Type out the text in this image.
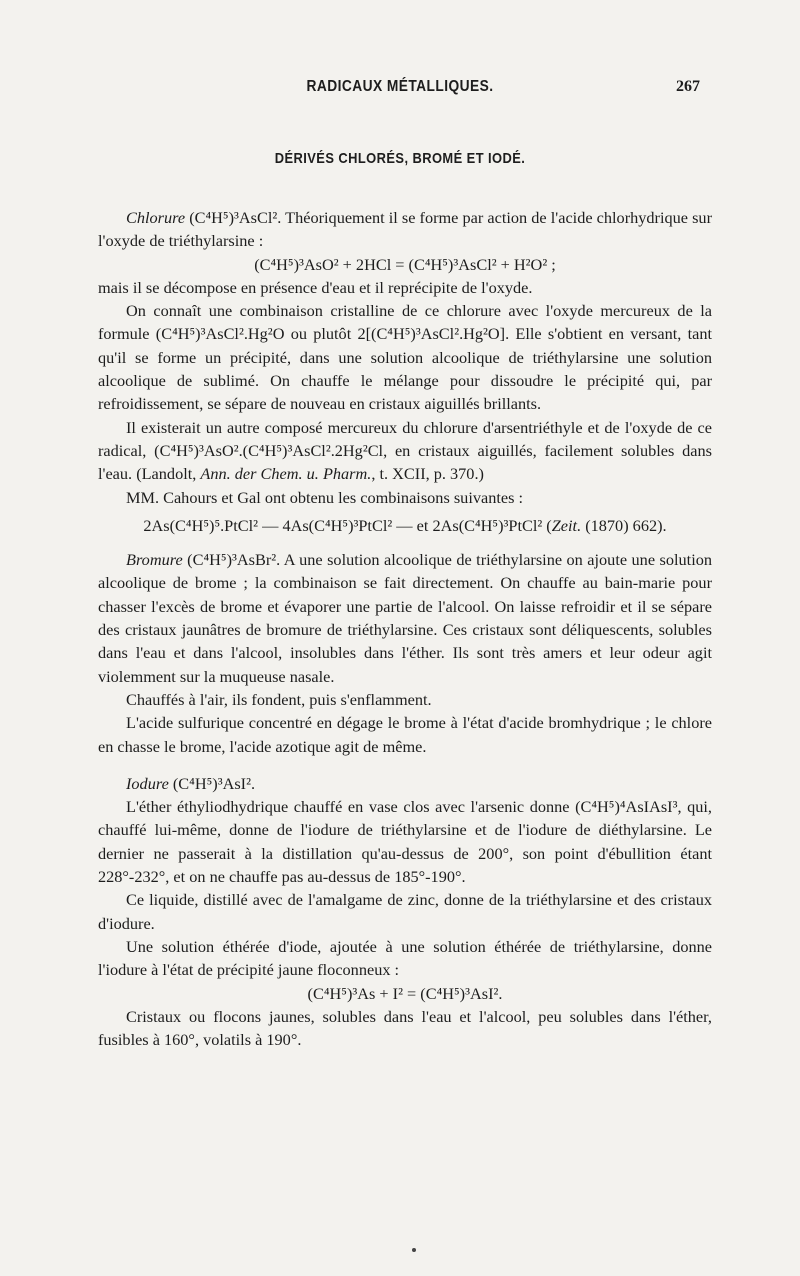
RADICAUX MÉTALLIQUES.	267
DÉRIVÉS CHLORÉS, BROMÉ ET IODÉ.

Chlorure (C⁴H⁵)³AsCl². Théoriquement il se forme par action de l'acide chlorhydrique sur l'oxyde de triéthylarsine :

(C⁴H⁵)³AsO² + 2HCl = (C⁴H⁵)³AsCl² + H²O² ;

mais il se décompose en présence d'eau et il reprécipite de l'oxyde.

On connaît une combinaison cristalline de ce chlorure avec l'oxyde mercureux de la formule (C⁴H⁵)³AsCl².Hg²O ou plutôt 2[(C⁴H⁵)³AsCl².Hg²O]. Elle s'obtient en versant, tant qu'il se forme un précipité, dans une solution alcoolique de triéthylarsine une solution alcoolique de sublimé. On chauffe le mélange pour dissoudre le précipité qui, par refroidissement, se sépare de nouveau en cristaux aiguillés brillants.

Il existerait un autre composé mercureux du chlorure d'arsentriéthyle et de l'oxyde de ce radical, (C⁴H⁵)³AsO².(C⁴H⁵)³AsCl².2Hg²Cl, en cristaux aiguillés, facilement solubles dans l'eau. (Landolt, Ann. der Chem. u. Pharm., t. XCII, p. 370.)

MM. Cahours et Gal ont obtenu les combinaisons suivantes :

2As(C⁴H⁵)⁵.PtCl² — 4As(C⁴H⁵)³PtCl² — et 2As(C⁴H⁵)³PtCl² (Zeit. (1870) 662).

Bromure (C⁴H⁵)³AsBr². A une solution alcoolique de triéthylarsine on ajoute une solution alcoolique de brome ; la combinaison se fait directement. On chauffe au bain-marie pour chasser l'excès de brome et évaporer une partie de l'alcool. On laisse refroidir et il se sépare des cristaux jaunâtres de bromure de triéthylarsine. Ces cristaux sont déliquescents, solubles dans l'eau et dans l'alcool, insolubles dans l'éther. Ils sont très amers et leur odeur agit violemment sur la muqueuse nasale.

Chauffés à l'air, ils fondent, puis s'enflamment.

L'acide sulfurique concentré en dégage le brome à l'état d'acide bromhydrique ; le chlore en chasse le brome, l'acide azotique agit de même.

Iodure (C⁴H⁵)³AsI².

L'éther éthyliodhydrique chauffé en vase clos avec l'arsenic donne (C⁴H⁵)⁴AsIAsI³, qui, chauffé lui-même, donne de l'iodure de triéthylarsine et de l'iodure de diéthylarsine. Le dernier ne passerait à la distillation qu'au-dessus de 200°, son point d'ébullition étant 228°-232°, et on ne chauffe pas au-dessus de 185°-190°.

Ce liquide, distillé avec de l'amalgame de zinc, donne de la triéthylarsine et des cristaux d'iodure.

Une solution éthérée d'iode, ajoutée à une solution éthérée de triéthylarsine, donne l'iodure à l'état de précipité jaune floconneux :

(C⁴H⁵)³As + I² = (C⁴H⁵)³AsI².

Cristaux ou flocons jaunes, solubles dans l'eau et l'alcool, peu solubles dans l'éther, fusibles à 160°, volatils à 190°.
